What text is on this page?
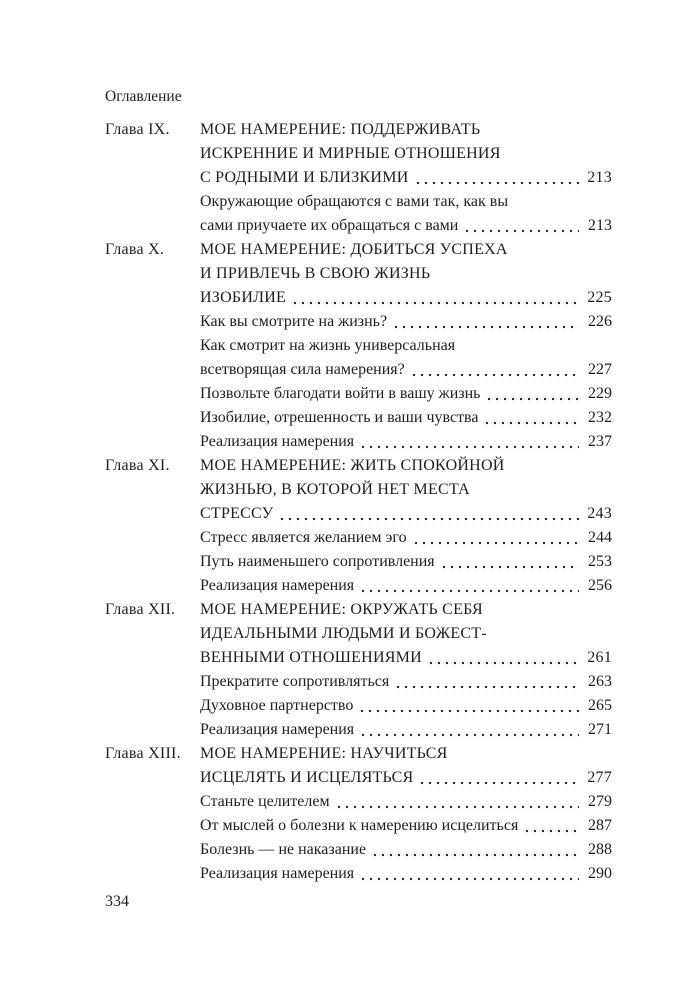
Оглавление
Глава IX.	МОЕ НАМЕРЕНИЕ: ПОДДЕРЖИВАТЬ
ИСКРЕННИЕ И МИРНЫЕ ОТНОШЕНИЯ
С РОДНЫМИ И БЛИЗКИМИ	213
Окружающие обращаются с вами так, как вы
сами приучаете их обращаться с вами	213
Глава X.	МОЕ НАМЕРЕНИЕ: ДОБИТЬСЯ УСПЕХА
И ПРИВЛЕЧЬ В СВОЮ ЖИЗНЬ
ИЗОБИЛИЕ	225
Как вы смотрите на жизнь?	226
Как смотрит на жизнь универсальная
всетворящая сила намерения?	227
Позвольте благодати войти в вашу жизнь	229
Изобилие, отрешенность и ваши чувства	232
Реализация намерения	237
Глава XI.	МОЕ НАМЕРЕНИЕ: ЖИТЬ СПОКОЙНОЙ
ЖИЗНЬЮ, В КОТОРОЙ НЕТ МЕСТА
СТРЕССУ	243
Стресс является желанием эго	244
Путь наименьшего сопротивления	253
Реализация намерения	256
Глава XII.	МОЕ НАМЕРЕНИЕ: ОКРУЖАТЬ СЕБЯ
ИДЕАЛЬНЫМИ ЛЮДЬМИ И БОЖЕСТ-
ВЕННЫМИ ОТНОШЕНИЯМИ	261
Прекратите сопротивляться	263
Духовное партнерство	265
Реализация намерения	271
Глава XIII.	МОЕ НАМЕРЕНИЕ: НАУЧИТЬСЯ
ИСЦЕЛЯТЬ И ИСЦЕЛЯТЬСЯ	277
Станьте целителем	279
От мыслей о болезни к намерению исцелиться	287
Болезнь — не наказание	288
Реализация намерения	290
334
